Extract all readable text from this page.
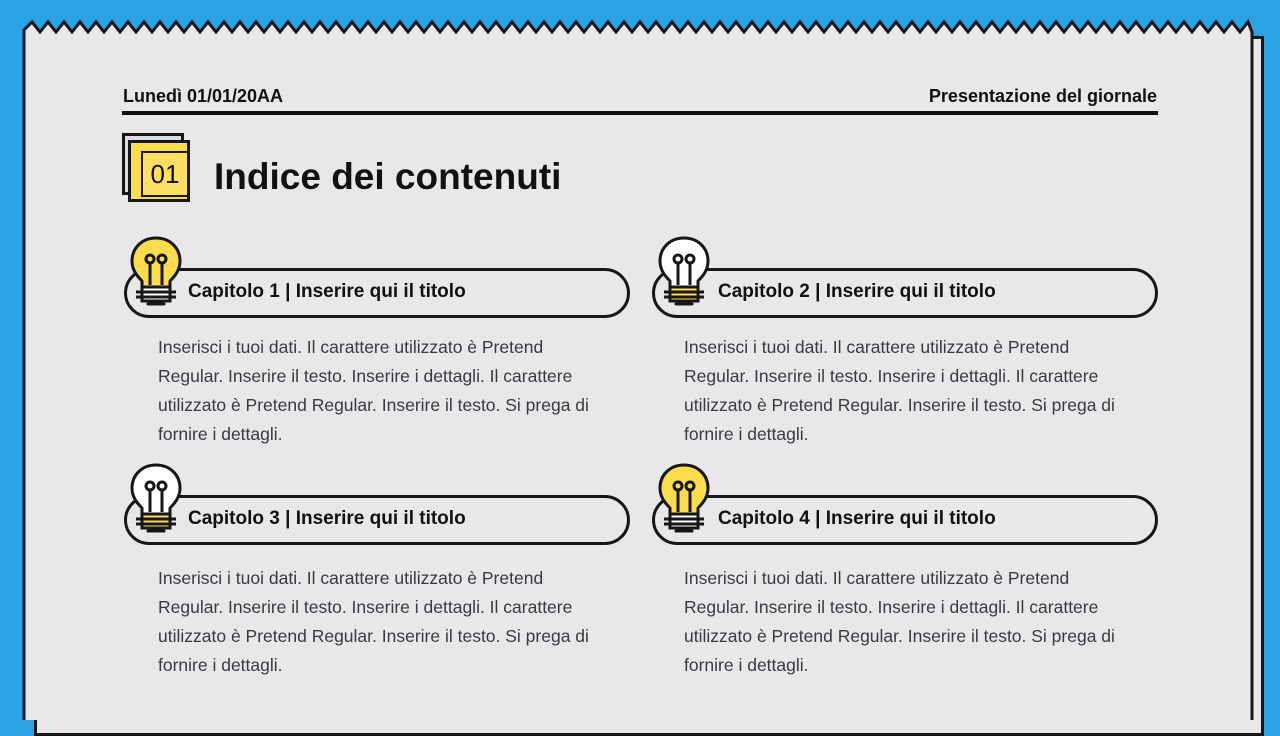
Lunedì 01/01/20AA	Presentazione del giornale
01 Indice dei contenuti
Capitolo 1 | Inserire qui il titolo
Inserisci i tuoi dati. Il carattere utilizzato è Pretend Regular. Inserire il testo. Inserire i dettagli. Il carattere utilizzato è Pretend Regular. Inserire il testo. Si prega di fornire i dettagli.
Capitolo 2 | Inserire qui il titolo
Inserisci i tuoi dati. Il carattere utilizzato è Pretend Regular. Inserire il testo. Inserire i dettagli. Il carattere utilizzato è Pretend Regular. Inserire il testo. Si prega di fornire i dettagli.
Capitolo 3 | Inserire qui il titolo
Inserisci i tuoi dati. Il carattere utilizzato è Pretend Regular. Inserire il testo. Inserire i dettagli. Il carattere utilizzato è Pretend Regular. Inserire il testo. Si prega di fornire i dettagli.
Capitolo 4 | Inserire qui il titolo
Inserisci i tuoi dati. Il carattere utilizzato è Pretend Regular. Inserire il testo. Inserire i dettagli. Il carattere utilizzato è Pretend Regular. Inserire il testo. Si prega di fornire i dettagli.
